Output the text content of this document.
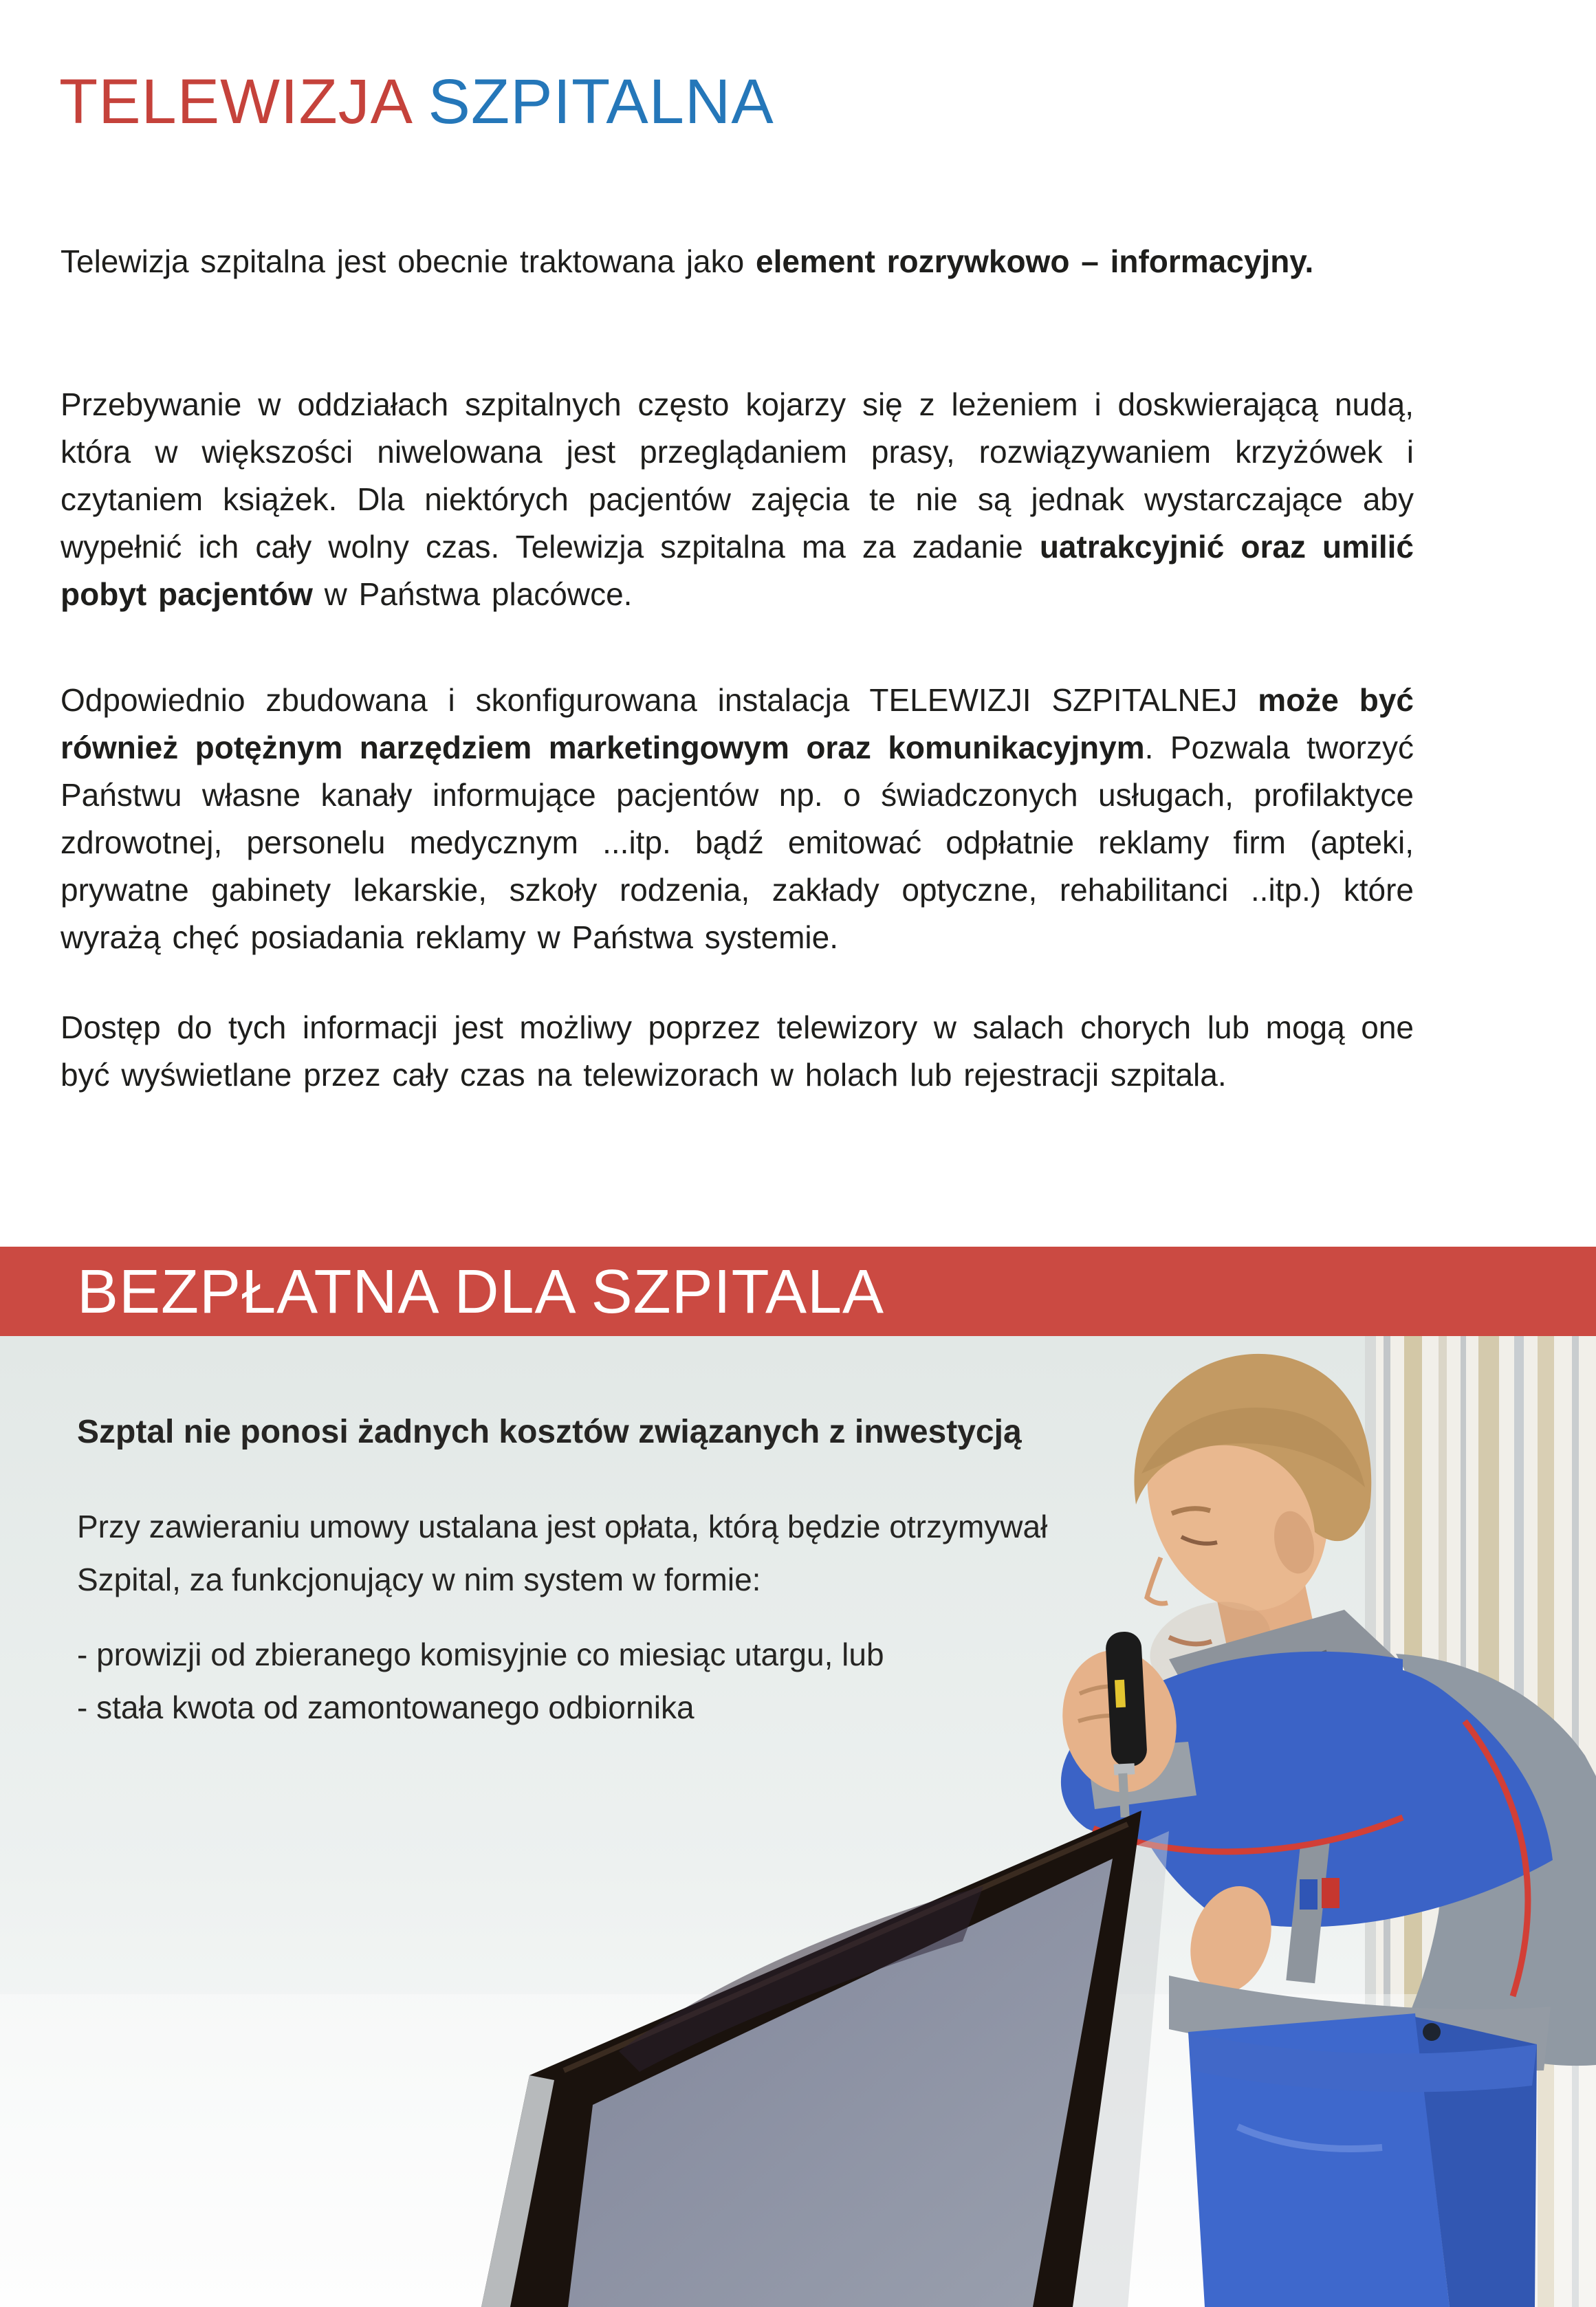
TELEWIZJA SZPITALNA

Telewizja szpitalna jest obecnie traktowana jako element rozrywkowo – informacyjny.

Przebywanie w oddziałach szpitalnych często kojarzy się z leżeniem i doskwierającą nudą, która w większości niwelowana jest przeglądaniem prasy, rozwiązywaniem krzyżówek i czytaniem książek. Dla niektórych pacjentów zajęcia te nie są jednak wystarczające aby wypełnić ich cały wolny czas. Telewizja szpitalna ma za zadanie uatrakcyjnić oraz umilić pobyt pacjentów w Państwa placówce.

Odpowiednio zbudowana i skonfigurowana instalacja TELEWIZJI SZPITALNEJ może być również potężnym narzędziem marketingowym oraz komunikacyjnym. Pozwala tworzyć Państwu własne kanały informujące pacjentów np. o świadczonych usługach, profilaktyce zdrowotnej, personelu medycznym ...itp. bądź emitować odpłatnie reklamy firm (apteki, prywatne gabinety lekarskie, szkoły rodzenia, zakłady optyczne, rehabilitanci ..itp.) które wyrażą chęć posiadania reklamy w Państwa systemie.

Dostęp do tych informacji jest możliwy poprzez telewizory w salach chorych lub mogą one być wyświetlane przez cały czas na telewizorach w holach lub rejestracji szpitala.

BEZPŁATNA DLA SZPITALA
Szptal nie ponosi żadnych kosztów związanych z inwestycją
Przy zawieraniu umowy ustalana jest opłata, którą będzie otrzymywał Szpital, za funkcjonujący w nim system w formie:
- prowizji od zbieranego komisyjnie co miesiąc utargu, lub
- stała kwota od zamontowanego odbiornika
